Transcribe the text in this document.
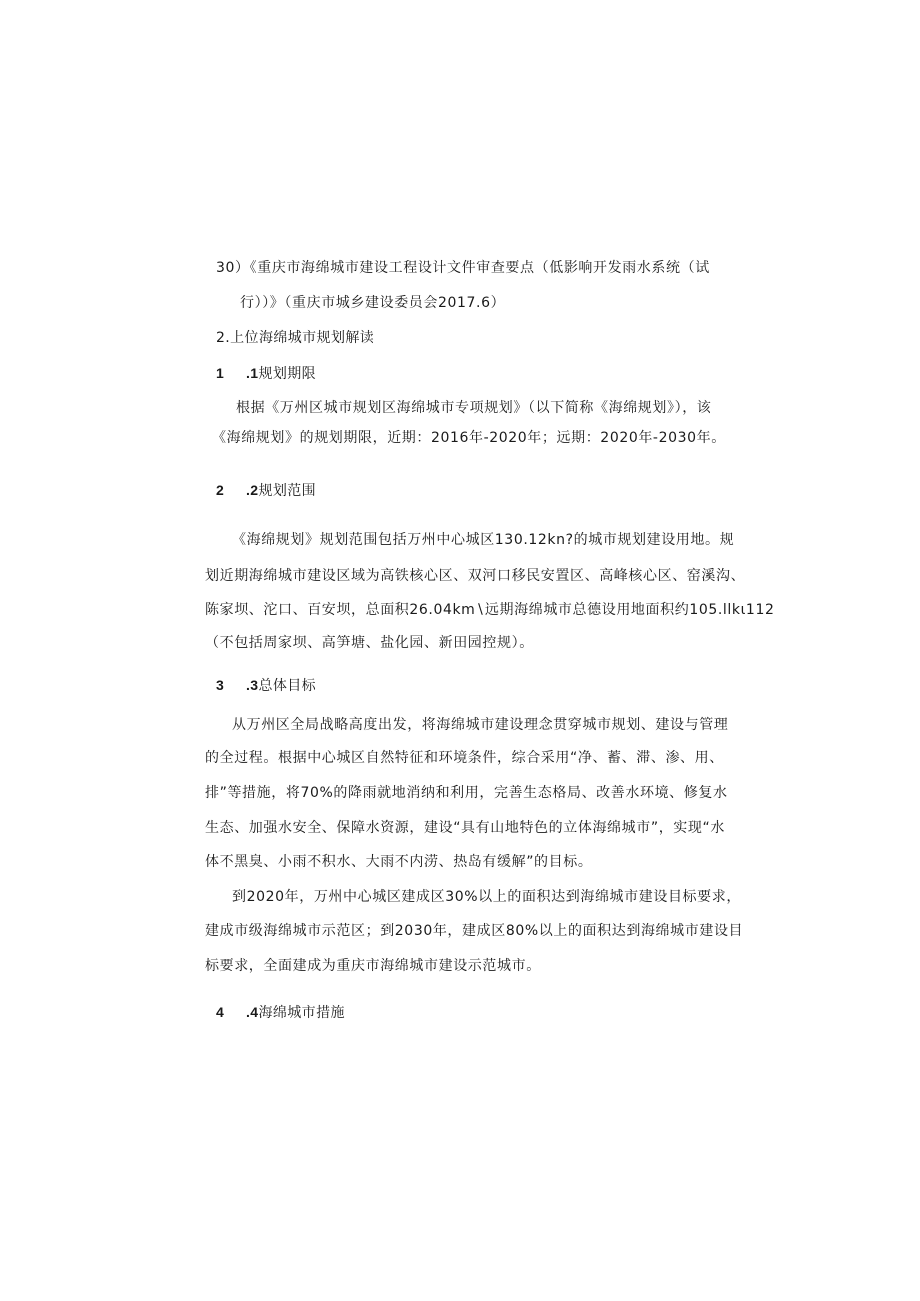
30）《重庆市海绵城市建设工程设计文件审查要点（低影响开发雨水系统（试
行））》（重庆市城乡建设委员会2017.6）
2.上位海绵城市规划解读
1 .1规划期限
根据《万州区城市规划区海绵城市专项规划》（以下简称《海绵规划》），该
《海绵规划》的规划期限，近期：2016年-2020年；远期：2020年-2030年。
2 .2规划范围
《海绵规划》规划范围包括万州中心城区130.12kn?的城市规划建设用地。规
划近期海绵城市建设区域为高铁核心区、双河口移民安置区、高峰核心区、窑溪沟、
陈家坝、沱口、百安坝，总面积26.04km∖远期海绵城市总德设用地面积约105.llkι112
（不包括周家坝、高笋塘、盐化园、新田园控规）。
3 .3总体目标
从万州区全局战略高度出发，将海绵城市建设理念贯穿城市规划、建设与管理
的全过程。根据中心城区自然特征和环境条件，综合采用“净、蓄、滞、渗、用、
排”等措施，将70%的降雨就地消纳和利用，完善生态格局、改善水环境、修复水
生态、加强水安全、保障水资源，建设“具有山地特色的立体海绵城市”，实现“水
体不黑臭、小雨不积水、大雨不内涝、热岛有缓解”的目标。
到2020年，万州中心城区建成区30%以上的面积达到海绵城市建设目标要求，
建成市级海绵城市示范区；到2030年，建成区80%以上的面积达到海绵城市建设目
标要求，全面建成为重庆市海绵城市建设示范城市。
4 .4海绵城市措施
